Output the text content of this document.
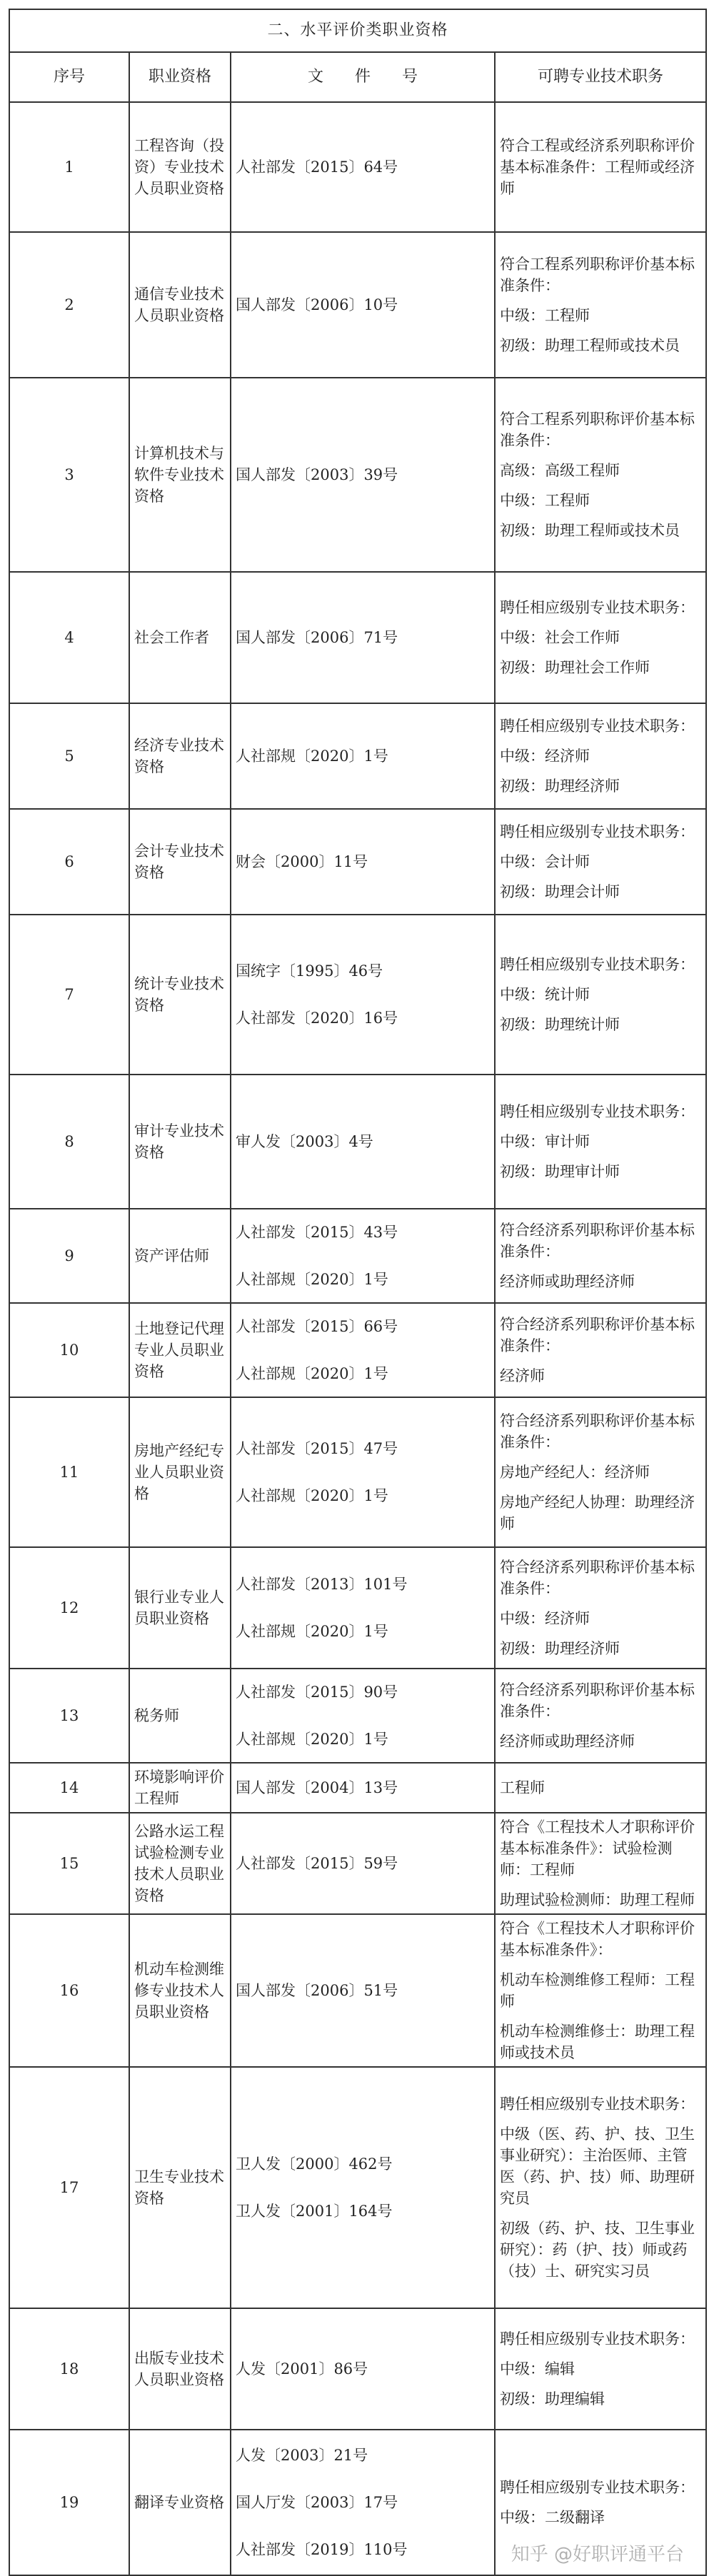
二、水平评价类职业资格
序号	职业资格	文　　件　　号	可聘专业技术职务
1	工程咨询（投资）专业技术人员职业资格	人社部发〔2015〕64号	符合工程或经济系列职称评价基本标准条件：工程师或经济师

2	通信专业技术人员职业资格	国人部发〔2006〕10号	符合工程系列职称评价基本标准条件：
中级：工程师
初级：助理工程师或技术员

3	计算机技术与软件专业技术资格	国人部发〔2003〕39号	符合工程系列职称评价基本标准条件：
高级：高级工程师
中级：工程师
初级：助理工程师或技术员

4	社会工作者	国人部发〔2006〕71号	聘任相应级别专业技术职务：
中级：社会工作师
初级：助理社会工作师

5	经济专业技术资格	人社部规〔2020〕1号	聘任相应级别专业技术职务：
中级：经济师
初级：助理经济师

6	会计专业技术资格	财会〔2000〕11号	聘任相应级别专业技术职务：
中级：会计师
初级：助理会计师

7	统计专业技术资格	国统字〔1995〕46号
人社部发〔2020〕16号	聘任相应级别专业技术职务：
中级：统计师
初级：助理统计师

8	审计专业技术资格	审人发〔2003〕4号	聘任相应级别专业技术职务：
中级：审计师
初级：助理审计师

9	资产评估师	人社部发〔2015〕43号
人社部规〔2020〕1号	符合经济系列职称评价基本标准条件：
经济师或助理经济师

10	土地登记代理专业人员职业资格	人社部发〔2015〕66号
人社部规〔2020〕1号	符合经济系列职称评价基本标准条件：
经济师

11	房地产经纪专业人员职业资格	人社部发〔2015〕47号
人社部规〔2020〕1号	符合经济系列职称评价基本标准条件：
房地产经纪人：经济师
房地产经纪人协理：助理经济师

12	银行业专业人员职业资格	人社部发〔2013〕101号
人社部规〔2020〕1号	符合经济系列职称评价基本标准条件：
中级：经济师
初级：助理经济师

13	税务师	人社部发〔2015〕90号
人社部规〔2020〕1号	符合经济系列职称评价基本标准条件：
经济师或助理经济师

14	环境影响评价工程师	国人部发〔2004〕13号	工程师

15	公路水运工程试验检测专业技术人员职业资格	人社部发〔2015〕59号	符合《工程技术人才职称评价基本标准条件》：试验检测师：工程师
助理试验检测师：助理工程师

16	机动车检测维修专业技术人员职业资格	国人部发〔2006〕51号	符合《工程技术人才职称评价基本标准条件》：
机动车检测维修工程师：工程师
机动车检测维修士：助理工程师或技术员

17	卫生专业技术资格	卫人发〔2000〕462号
卫人发〔2001〕164号	聘任相应级别专业技术职务：
中级（医、药、护、技、卫生事业研究）：主治医师、主管医（药、护、技）师、助理研究员
初级（药、护、技、卫生事业研究）：药（护、技）师或药（技）士、研究实习员

18	出版专业技术人员职业资格	人发〔2001〕86号	聘任相应级别专业技术职务：
中级：编辑
初级：助理编辑

19	翻译专业资格	人发〔2003〕21号
国人厅发〔2003〕17号
人社部发〔2019〕110号	聘任相应级别专业技术职务：
中级：二级翻译
知乎 @好职评通平台
